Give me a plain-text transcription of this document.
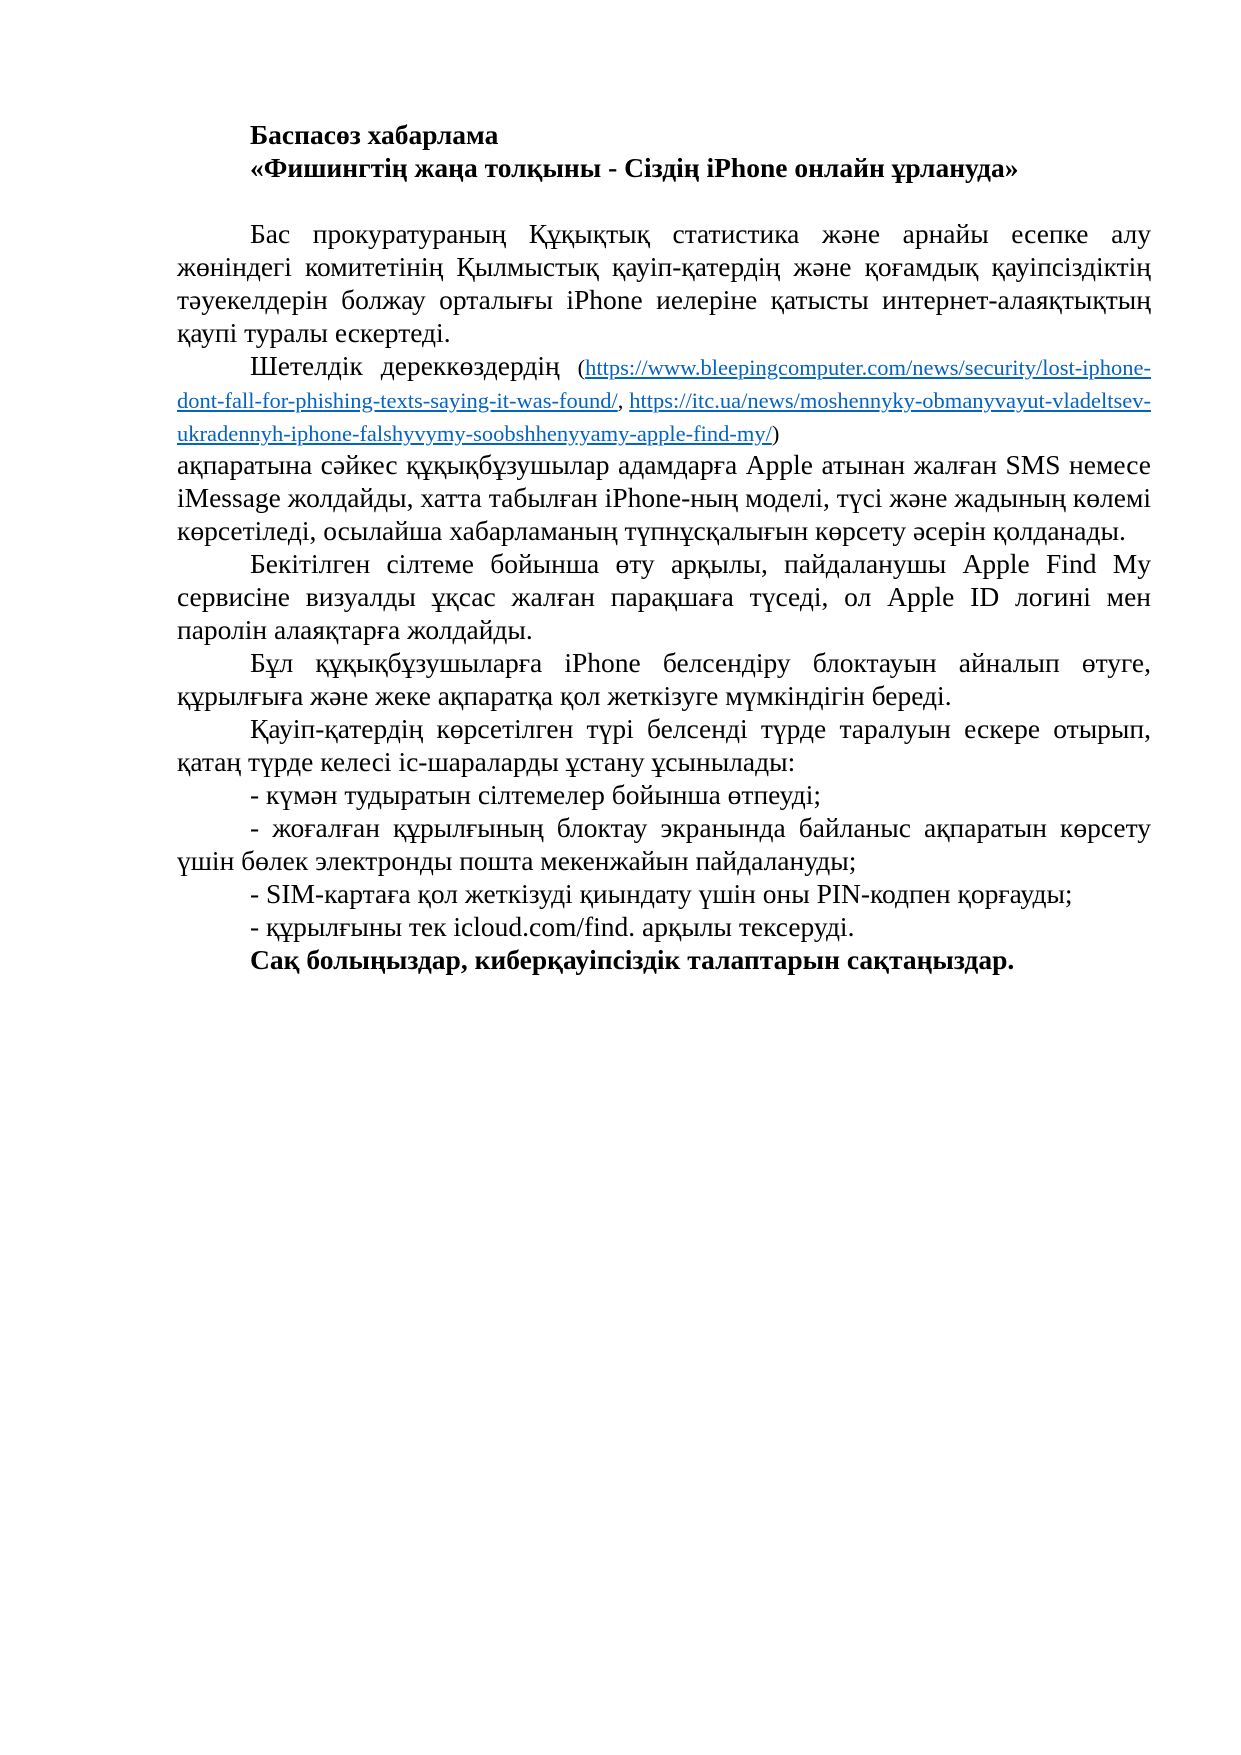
Баспасөз хабарлама
«Фишингтің жаңа толқыны - Сіздің iPhone онлайн ұрлануда»

Бас прокуратураның Құқықтық статистика және арнайы есепке алу жөніндегі комитетінің Қылмыстық қауіп-қатердің және қоғамдық қауіпсіздіктің тәуекелдерін болжау орталығы iPhone иелеріне қатысты интернет-алаяқтықтың қаупі туралы ескертеді.

Шетелдік дереккөздердің (https://www.bleepingcomputer.com/news/security/lost-iphone-dont-fall-for-phishing-texts-saying-it-was-found/, https://itc.ua/news/moshennyky-obmanyvayut-vladeltsev-ukradennyh-iphone-falshyvymy-soobshhenyyamy-apple-find-my/)

ақпаратына сәйкес құқықбұзушылар адамдарға Apple атынан жалған SMS немесе iMessage жолдайды, хатта табылған iPhone-ның моделі, түсі және жадының көлемі көрсетіледі, осылайша хабарламаның түпнұсқалығын көрсету әсерін қолданады.

Бекітілген сілтеме бойынша өту арқылы, пайдаланушы Apple Find My сервисіне визуалды ұқсас жалған парақшаға түседі, ол Apple ID логині мен паролін алаяқтарға жолдайды.

Бұл құқықбұзушыларға iPhone белсендіру блоктауын айналып өтуге, құрылғыға және жеке ақпаратқа қол жеткізуге мүмкіндігін береді.

Қауіп-қатердің көрсетілген түрі белсенді түрде таралуын ескере отырып, қатаң түрде келесі іс-шараларды ұстану ұсынылады:

- күмән тудыратын сілтемелер бойынша өтпеуді;

- жоғалған құрылғының блоктау экранында байланыс ақпаратын көрсету үшін бөлек электронды пошта мекенжайын пайдалануды;

- SIM-картаға қол жеткізуді қиындату үшін оны PIN-кодпен қорғауды;

- құрылғыны тек icloud.com/find. арқылы тексеруді.

Сақ болыңыздар, киберқауіпсіздік талаптарын сақтаңыздар.
